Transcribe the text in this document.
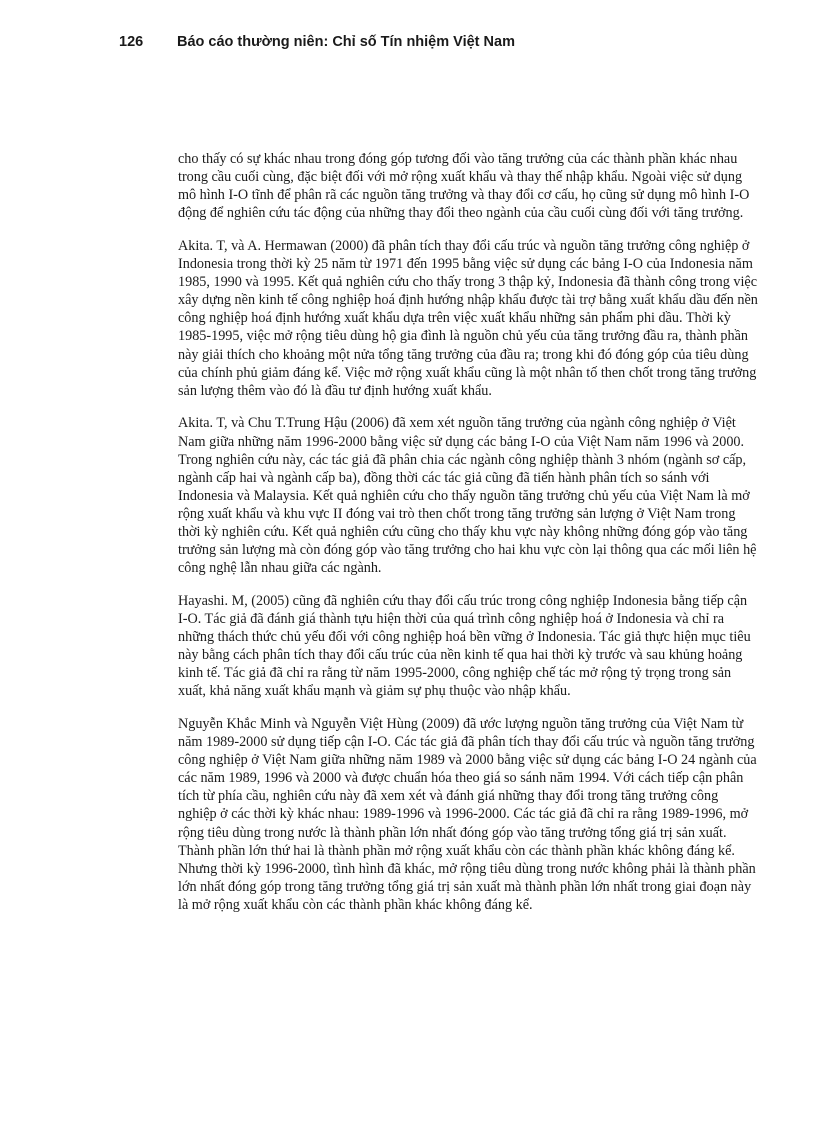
126 Báo cáo thường niên: Chỉ số Tín nhiệm Việt Nam

cho thấy có sự khác nhau trong đóng góp tương đối vào tăng trưởng của các thành phần khác nhau trong cầu cuối cùng, đặc biệt đối với mở rộng xuất khẩu và thay thế nhập khẩu. Ngoài việc sử dụng mô hình I-O tĩnh để phân rã các nguồn tăng trưởng và thay đổi cơ cấu, họ cũng sử dụng mô hình I-O động để nghiên cứu tác động của những thay đổi theo ngành của cầu cuối cùng đối với tăng trưởng.

Akita. T, và A. Hermawan (2000) đã phân tích thay đổi cấu trúc và nguồn tăng trưởng công nghiệp ở Indonesia trong thời kỳ 25 năm từ 1971 đến 1995 bằng việc sử dụng các bảng I-O của Indonesia năm 1985, 1990 và 1995. Kết quả nghiên cứu cho thấy trong 3 thập kỷ, Indonesia đã thành công trong việc xây dựng nền kinh tế công nghiệp hoá định hướng nhập khẩu được tài trợ bằng xuất khẩu dầu đến nền công nghiệp hoá định hướng xuất khẩu dựa trên việc xuất khẩu những sản phẩm phi dầu. Thời kỳ 1985-1995, việc mở rộng tiêu dùng hộ gia đình là nguồn chủ yếu của tăng trưởng đầu ra, thành phần này giải thích cho khoảng một nửa tổng tăng trưởng của đầu ra; trong khi đó đóng góp của tiêu dùng của chính phủ giảm đáng kể. Việc mở rộng xuất khẩu cũng là một nhân tố then chốt trong tăng trưởng sản lượng thêm vào đó là đầu tư định hướng xuất khẩu.

Akita. T, và Chu T.Trung Hậu (2006) đã xem xét nguồn tăng trưởng của ngành công nghiệp ở Việt Nam giữa những năm 1996-2000 bằng việc sử dụng các bảng I-O của Việt Nam năm 1996 và 2000. Trong nghiên cứu này, các tác giả đã phân chia các ngành công nghiệp thành 3 nhóm (ngành sơ cấp, ngành cấp hai và ngành cấp ba), đồng thời các tác giả cũng đã tiến hành phân tích so sánh với Indonesia và Malaysia. Kết quả nghiên cứu cho thấy nguồn tăng trưởng chủ yếu của Việt Nam là mở rộng xuất khẩu và khu vực II đóng vai trò then chốt trong tăng trưởng sản lượng ở Việt Nam trong thời kỳ nghiên cứu. Kết quả nghiên cứu cũng cho thấy khu vực này không những đóng góp vào tăng trưởng sản lượng mà còn đóng góp vào tăng trưởng cho hai khu vực còn lại thông qua các mối liên hệ công nghệ lẫn nhau giữa các ngành.

Hayashi. M, (2005) cũng đã nghiên cứu thay đổi cấu trúc trong công nghiệp Indonesia bằng tiếp cận I-O. Tác giả đã đánh giá thành tựu hiện thời của quá trình công nghiệp hoá ở Indonesia và chỉ ra những thách thức chủ yếu đối với công nghiệp hoá bền vững ở Indonesia. Tác giả thực hiện mục tiêu này bằng cách phân tích thay đổi cấu trúc của nền kinh tế qua hai thời kỳ trước và sau khủng hoảng kinh tế. Tác giả đã chỉ ra rằng từ năm 1995-2000, công nghiệp chế tác mở rộng tỷ trọng trong sản xuất, khả năng xuất khẩu mạnh và giảm sự phụ thuộc vào nhập khẩu.

Nguyễn Khắc Minh và Nguyễn Việt Hùng (2009) đã ước lượng nguồn tăng trưởng của Việt Nam từ năm 1989-2000 sử dụng tiếp cận I-O. Các tác giả đã phân tích thay đổi cấu trúc và nguồn tăng trưởng công nghiệp ở Việt Nam giữa những năm 1989 và 2000 bằng việc sử dụng các bảng I-O 24 ngành của các năm 1989, 1996 và 2000 và được chuẩn hóa theo giá so sánh năm 1994. Với cách tiếp cận phân tích từ phía cầu, nghiên cứu này đã xem xét và đánh giá những thay đổi trong tăng trưởng công nghiệp ở các thời kỳ khác nhau: 1989-1996 và 1996-2000. Các tác giả đã chỉ ra rằng 1989-1996, mở rộng tiêu dùng trong nước là thành phần lớn nhất đóng góp vào tăng trưởng tổng giá trị sản xuất. Thành phần lớn thứ hai là thành phần mở rộng xuất khẩu còn các thành phần khác không đáng kể. Nhưng thời kỳ 1996-2000, tình hình đã khác, mở rộng tiêu dùng trong nước không phải là thành phần lớn nhất đóng góp trong tăng trưởng tổng giá trị sản xuất mà thành phần lớn nhất trong giai đoạn này là mở rộng xuất khẩu còn các thành phần khác không đáng kể.
